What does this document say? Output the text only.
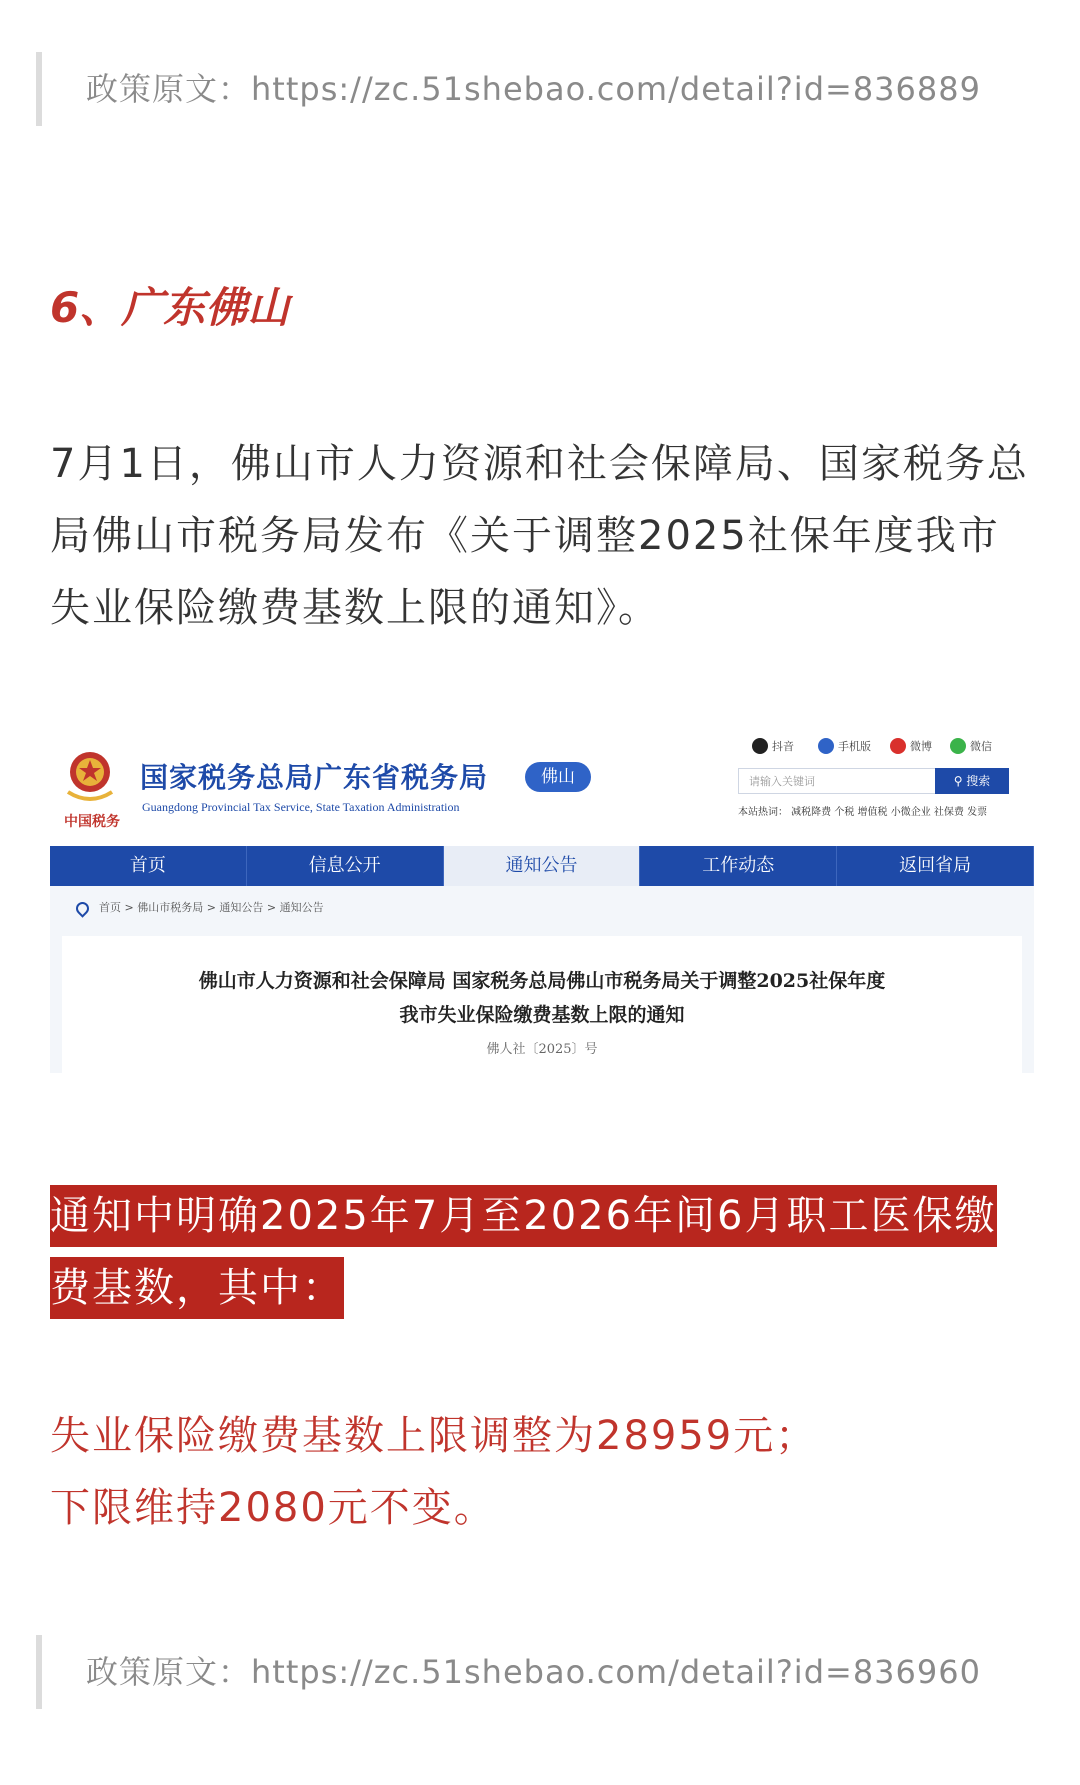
政策原文：https://zc.51shebao.com/detail?id=836889
6、广东佛山

7月1日，佛山市人力资源和社会保障局、国家税务总局佛山市税务局发布《关于调整2025社保年度我市失业保险缴费基数上限的通知》。

中国税务
国家税务总局广东省税务局
Guangdong Provincial Tax Service, State Taxation Administration
佛山
抖音	手机版	微博	微信
请输入关键词	⚲ 搜索
本站热词： 减税降费 个税 增值税 小微企业 社保费 发票
首页	信息公开	通知公告	工作动态	返回省局
首页 > 佛山市税务局 > 通知公告 > 通知公告
佛山市人力资源和社会保障局 国家税务总局佛山市税务局关于调整2025社保年度
我市失业保险缴费基数上限的通知
佛人社〔2025〕号
通知中明确2025年7月至2026年间6月职工医保缴费基数，其中：

失业保险缴费基数上限调整为28959元；
下限维持2080元不变。

政策原文：https://zc.51shebao.com/detail?id=836960
